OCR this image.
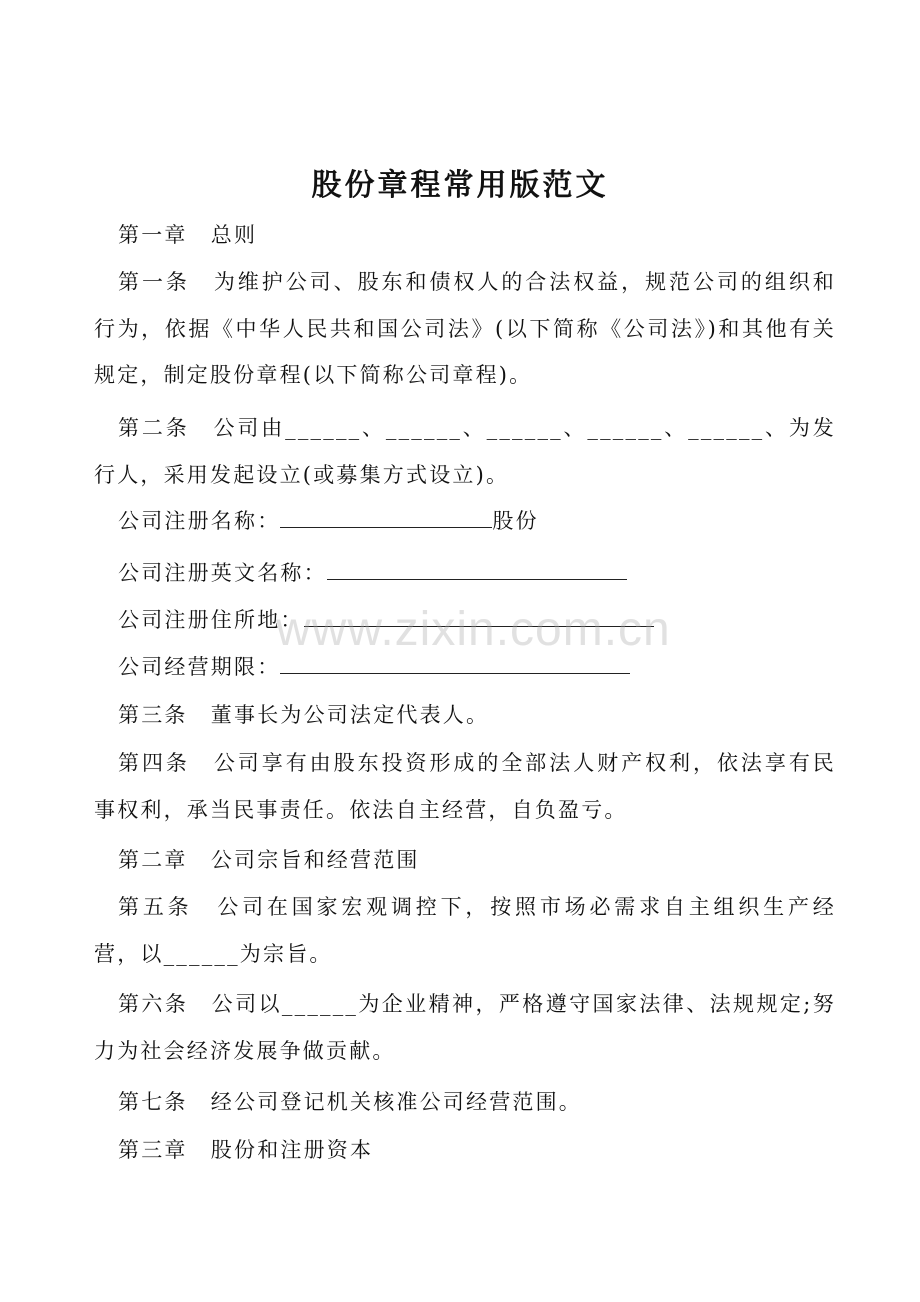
股份章程常用版范文
第一章　总则
第一条　为维护公司、股东和债权人的合法权益，规范公司的组织和行为，依据《中华人民共和国公司法》(以下简称《公司法》)和其他有关规定，制定股份章程(以下简称公司章程)。
第二条　公司由______、______、______、______、______、为发行人，采用发起设立(或募集方式设立)。
公司注册名称：	股份
公司注册英文名称：
公司注册住所地：
公司经营期限：
第三条　董事长为公司法定代表人。
第四条　公司享有由股东投资形成的全部法人财产权利，依法享有民事权利，承当民事责任。依法自主经营，自负盈亏。
第二章　公司宗旨和经营范围
第五条　公司在国家宏观调控下，按照市场必需求自主组织生产经营，以______为宗旨。
第六条　公司以______为企业精神，严格遵守国家法律、法规规定;努力为社会经济发展争做贡献。
第七条　经公司登记机关核准公司经营范围。
第三章　股份和注册资本
www.zixin.com.cn
